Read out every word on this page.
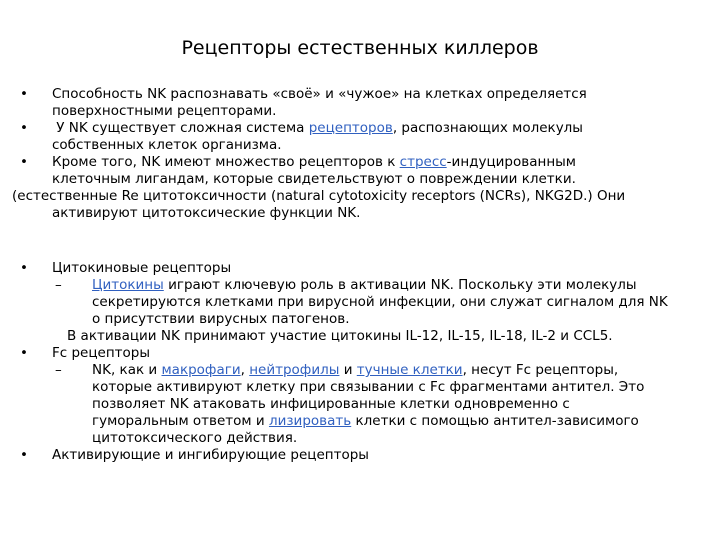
Рецепторы естественных киллеров
• Способность NK распознавать «своё» и «чужое» на клетках определяется
поверхностными рецепторами.
• У NK существует сложная система рецепторов, распознающих молекулы
собственных клеток организма.
• Кроме того, NK имеют множество рецепторов к стресс-индуцированным
клеточным лигандам, которые свидетельствуют о повреждении клетки.
(естественные Re цитотоксичности (natural cytotoxicity receptors (NCRs), NKG2D.) Они
активируют цитотоксические функции NK.
• Цитокиновые рецепторы
– Цитокины играют ключевую роль в активации NK. Поскольку эти молекулы
секретируются клетками при вирусной инфекции, они служат сигналом для NK
о присутствии вирусных патогенов.
В активации NK принимают участие цитокины IL-12, IL-15, IL-18, IL-2 и CCL5.
• Fc рецепторы
– NK, как и макрофаги, нейтрофилы и тучные клетки, несут Fc рецепторы,
которые активируют клетку при связывании с Fc фрагментами антител. Это
позволяет NK атаковать инфицированные клетки одновременно с
гуморальным ответом и лизировать клетки с помощью антител-зависимого
цитотоксического действия.
• Активирующие и ингибирующие рецепторы
